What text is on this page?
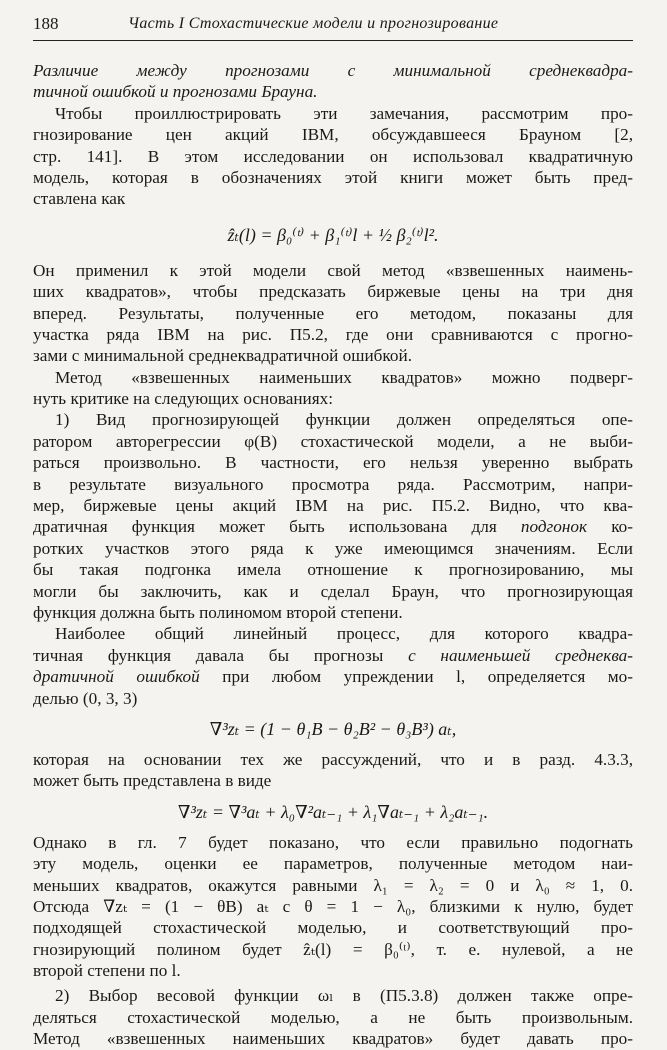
188	Часть I Стохастические модели и прогнозирование
Различие между прогнозами с минимальной среднеквадра-
тичной ошибкой и прогнозами Брауна.
Чтобы проиллюстрировать эти замечания, рассмотрим про-
гнозирование цен акций IBM, обсуждавшееся Брауном [2,
стр. 141]. В этом исследовании он использовал квадратичную
модель, которая в обозначениях этой книги может быть пред-
ставлена как
ẑₜ(l) = β₀⁽ᵗ⁾ + β₁⁽ᵗ⁾l + ½ β₂⁽ᵗ⁾l².
Он применил к этой модели свой метод «взвешенных наимень-
ших квадратов», чтобы предсказать биржевые цены на три дня
вперед. Результаты, полученные его методом, показаны для
участка ряда IBM на рис. П5.2, где они сравниваются с прогно-
зами с минимальной среднеквадратичной ошибкой.
Метод «взвешенных наименьших квадратов» можно подверг-
нуть критике на следующих основаниях:
1) Вид прогнозирующей функции должен определяться опе-
ратором авторегрессии φ(B) стохастической модели, а не выби-
раться произвольно. В частности, его нельзя уверенно выбрать
в результате визуального просмотра ряда. Рассмотрим, напри-
мер, биржевые цены акций IBM на рис. П5.2. Видно, что ква-
дратичная функция может быть использована для подгонок ко-
ротких участков этого ряда к уже имеющимся значениям. Если
бы такая подгонка имела отношение к прогнозированию, мы
могли бы заключить, как и сделал Браун, что прогнозирующая
функция должна быть полиномом второй степени.
Наиболее общий линейный процесс, для которого квадра-
тичная функция давала бы прогнозы с наименьшей среднеква-
дратичной ошибкой при любом упреждении l, определяется мо-
делью (0, 3, 3)
∇³zₜ = (1 − θ₁B − θ₂B² − θ₃B³) aₜ,
которая на основании тех же рассуждений, что и в разд. 4.3.3,
может быть представлена в виде
∇³zₜ = ∇³aₜ + λ₀∇²aₜ₋₁ + λ₁∇aₜ₋₁ + λ₂aₜ₋₁.
Однако в гл. 7 будет показано, что если правильно подогнать
эту модель, оценки ее параметров, полученные методом наи-
меньших квадратов, окажутся равными λ₁ = λ₂ = 0 и λ₀ ≈ 1, 0.
Отсюда ∇zₜ = (1 − θB) aₜ с θ = 1 − λ₀, близкими к нулю, будет
подходящей стохастической моделью, и соответствующий про-
гнозирующий полином будет ẑₜ(l) = β₀⁽ᵗ⁾, т. е. нулевой, а не
второй степени по l.
2) Выбор весовой функции ωₗ в (П5.3.8) должен также опре-
деляться стохастической моделью, а не быть произвольным.
Метод «взвешенных наименьших квадратов» будет давать про-
